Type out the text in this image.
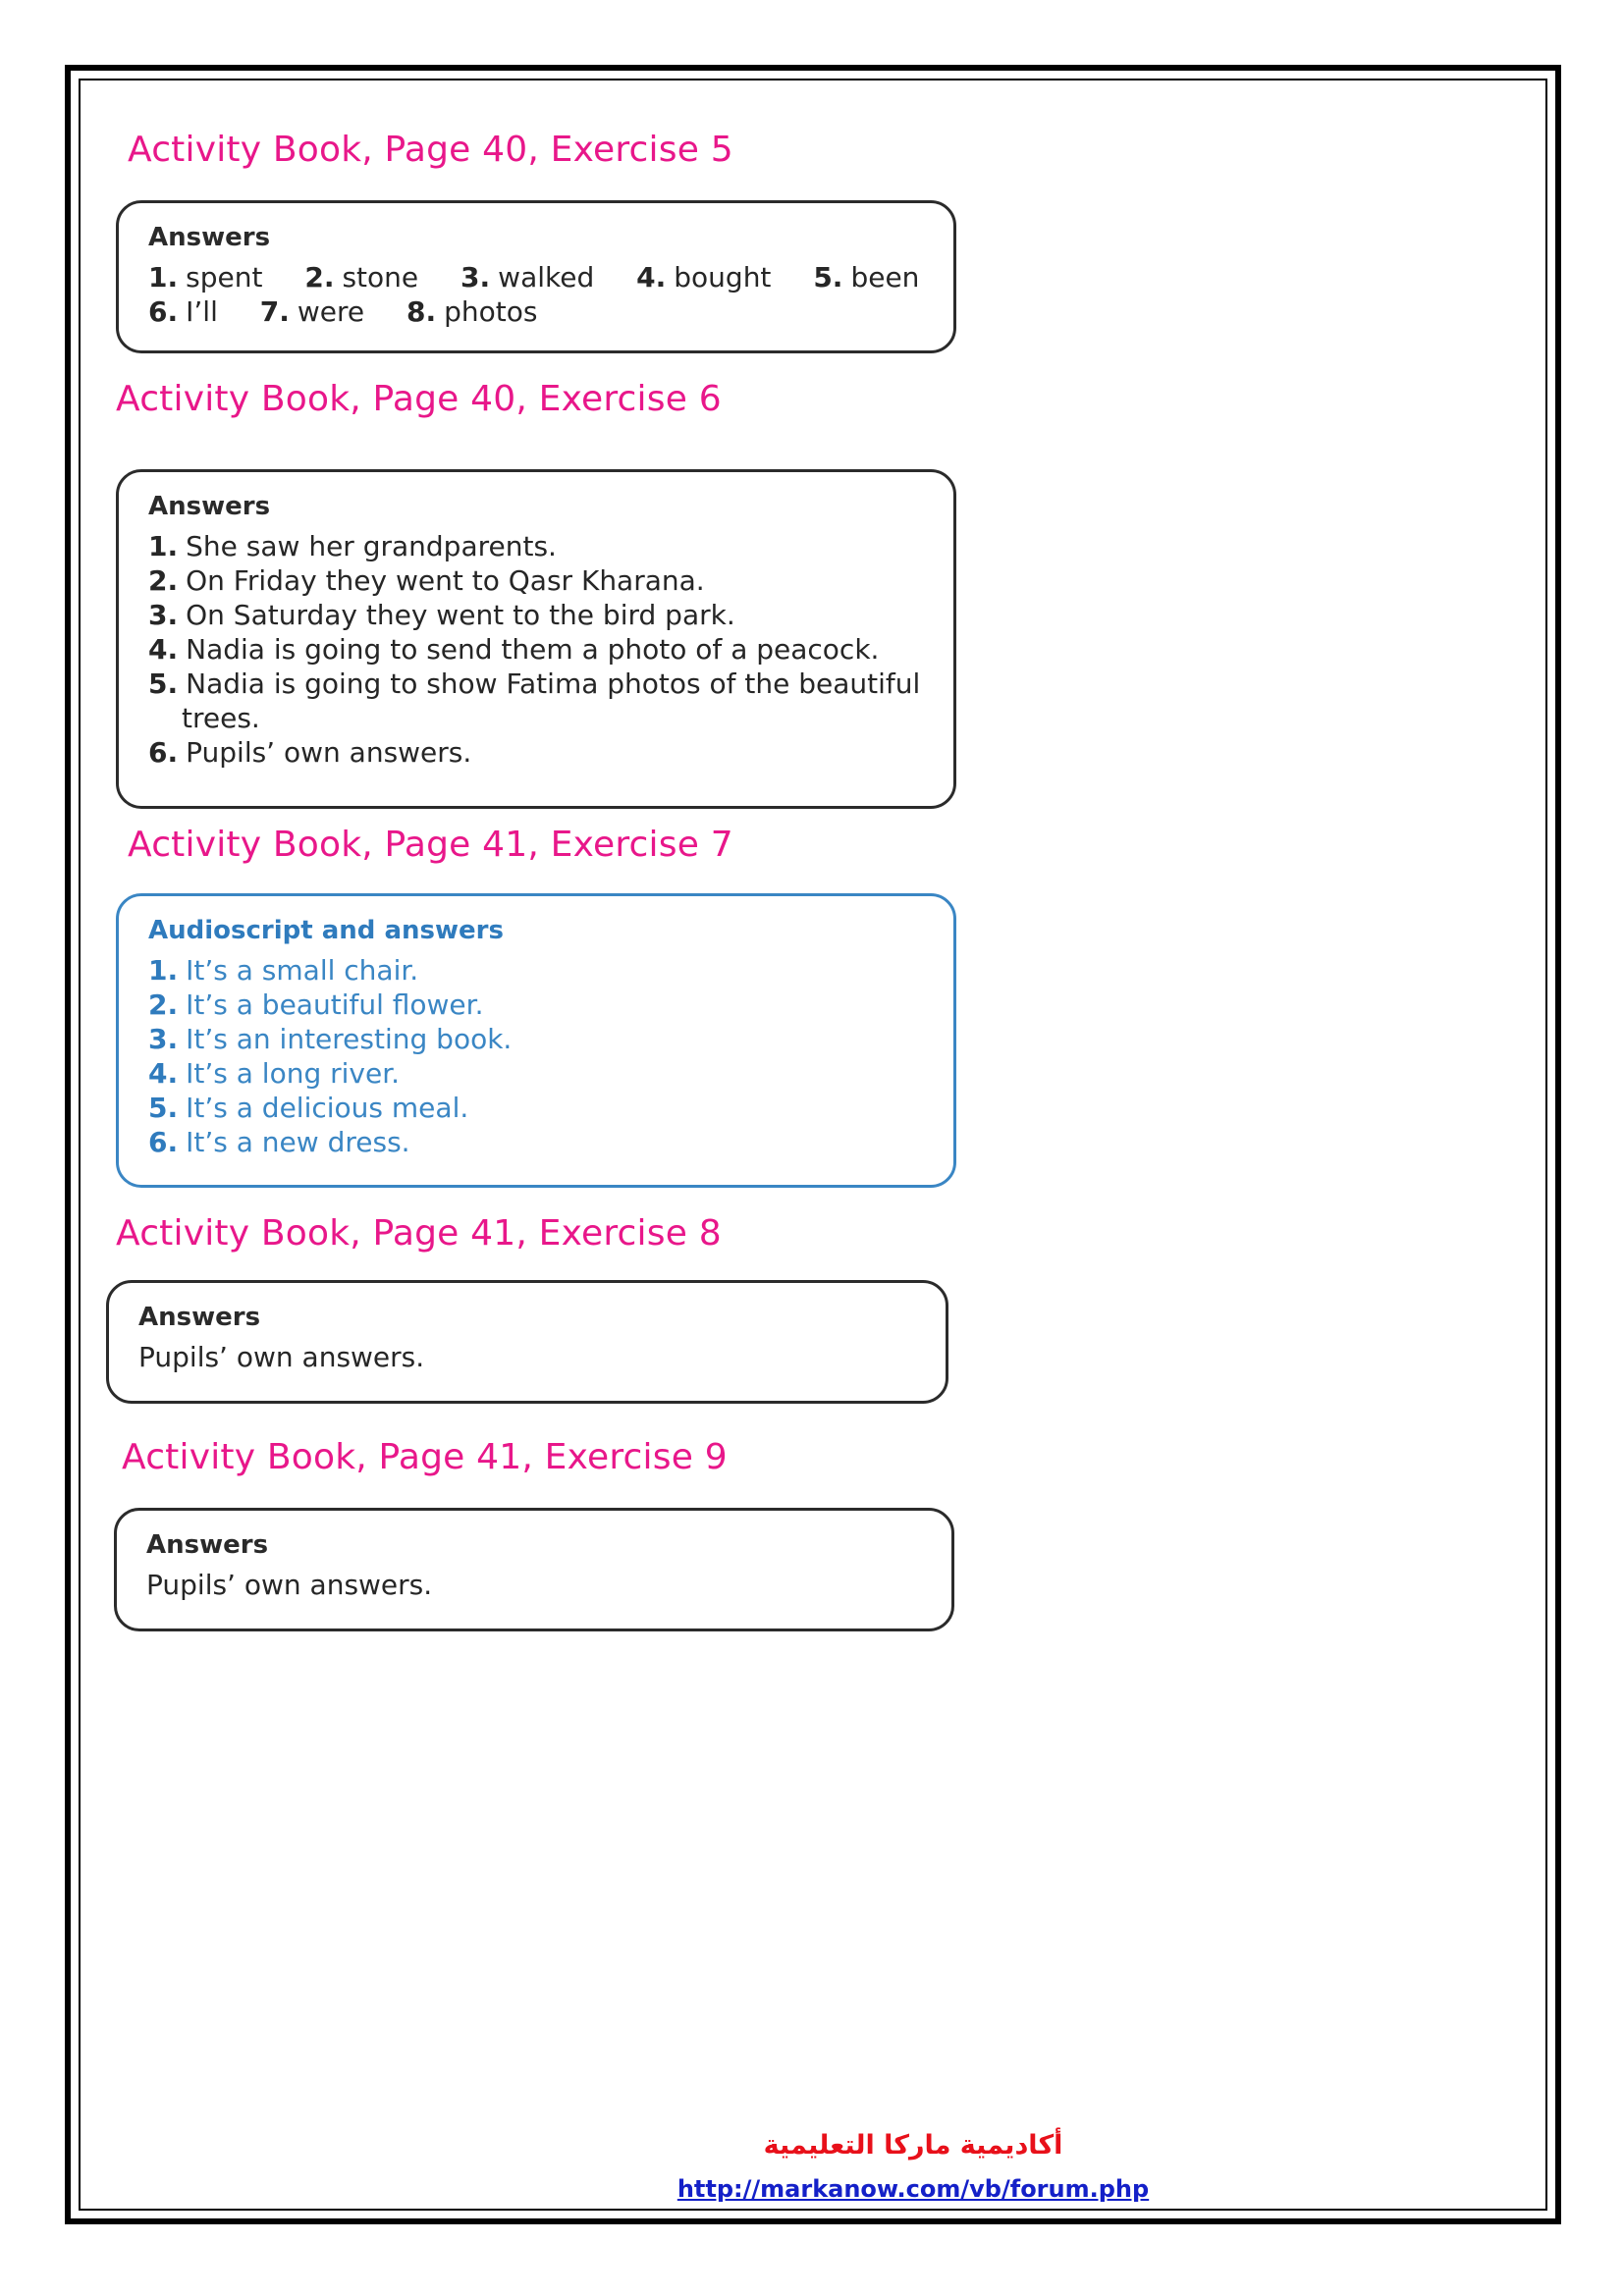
Activity Book, Page 40, Exercise 5
Answers
1. spent 2. stone 3. walked 4. bought 5. been
6. I’ll 7. were 8. photos
Activity Book, Page 40, Exercise 6
Answers
1. She saw her grandparents.
2. On Friday they went to Qasr Kharana.
3. On Saturday they went to the bird park.
4. Nadia is going to send them a photo of a peacock.
5. Nadia is going to show Fatima photos of the beautiful
trees.
6. Pupils’ own answers.
Activity Book, Page 41, Exercise 7
Audioscript and answers
1. It’s a small chair.
2. It’s a beautiful flower.
3. It’s an interesting book.
4. It’s a long river.
5. It’s a delicious meal.
6. It’s a new dress.
Activity Book, Page 41, Exercise 8
Answers
Pupils’ own answers.
Activity Book, Page 41, Exercise 9
Answers
Pupils’ own answers.
أكاديمية ماركا التعليمية
http://markanow.com/vb/forum.php
